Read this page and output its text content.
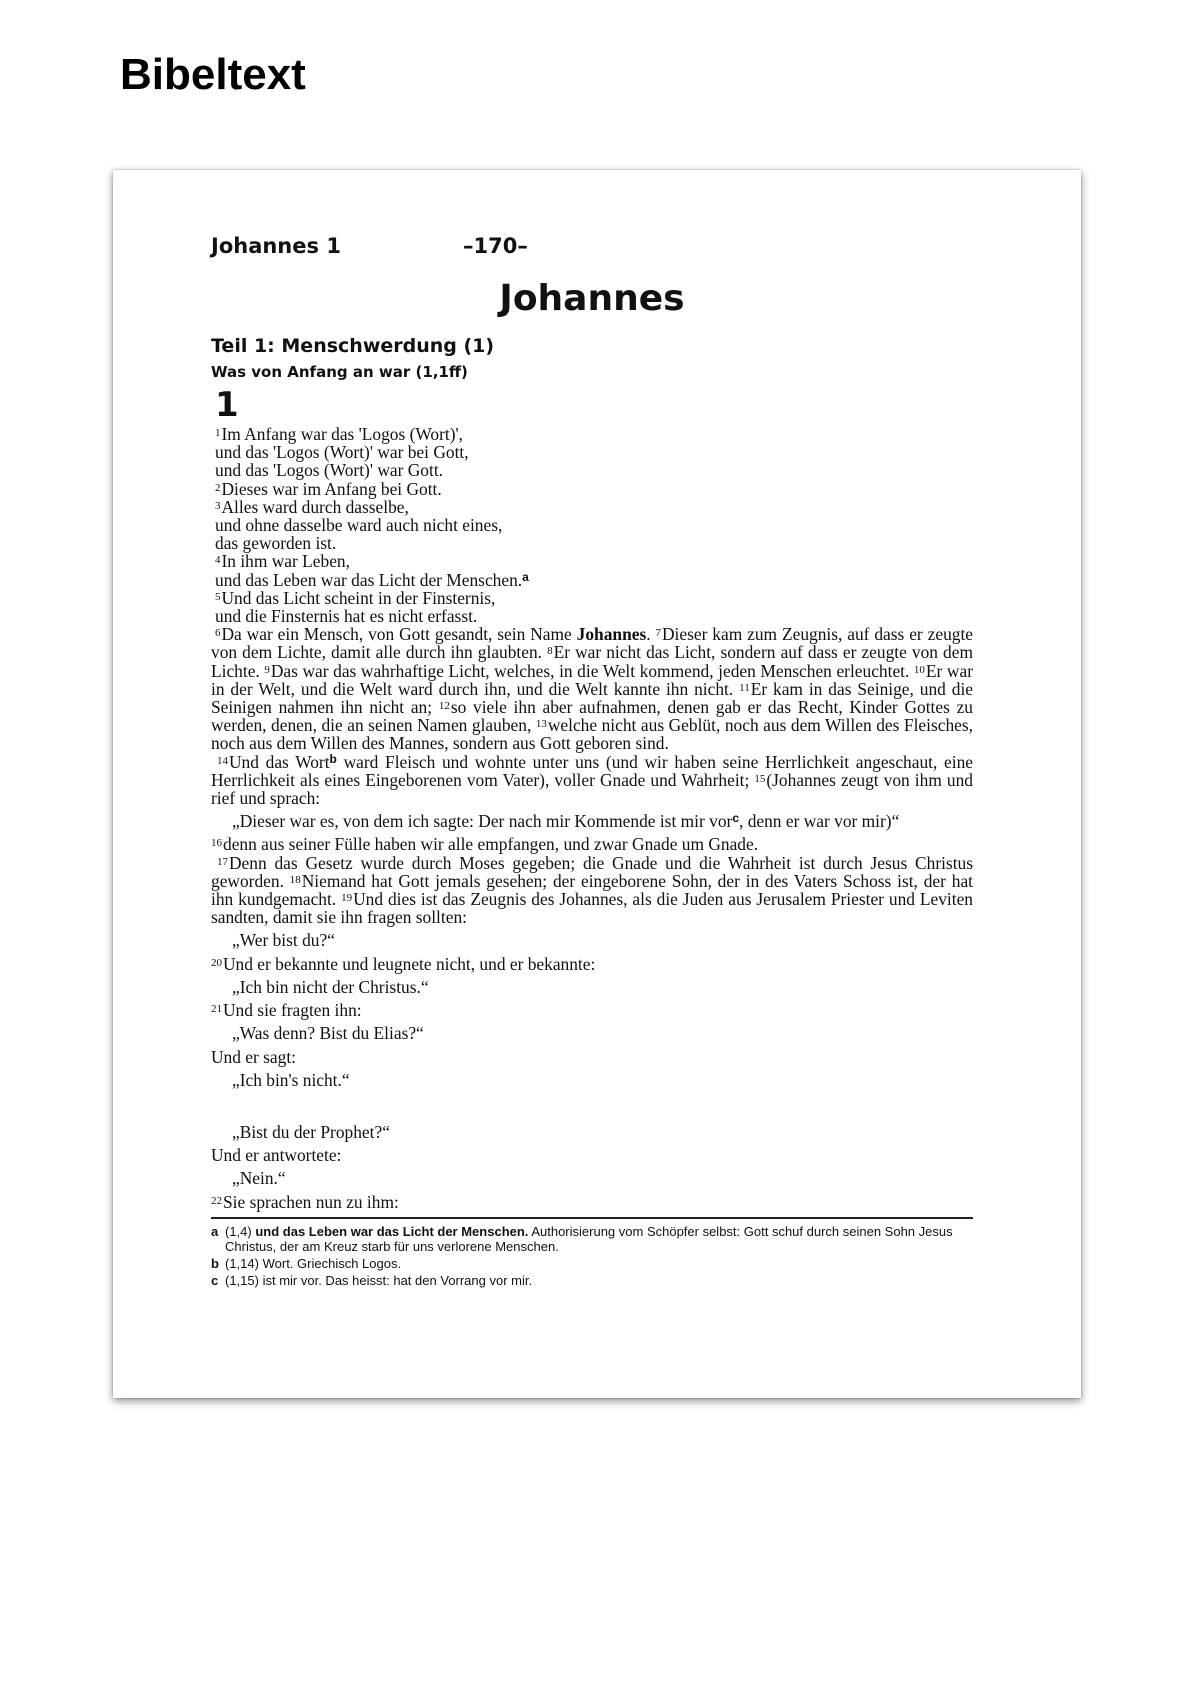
Bibeltext
Johannes 1	–170–
Johannes
Teil 1: Menschwerdung (1)
Was von Anfang an war (1,1ff)
1
$^1$Im Anfang war das 'Logos (Wort)',
und das 'Logos (Wort)' war bei Gott,
und das 'Logos (Wort)' war Gott.
$^2$Dieses war im Anfang bei Gott.
$^3$Alles ward durch dasselbe,
und ohne dasselbe ward auch nicht eines,
das geworden ist.
$^4$In ihm war Leben,
und das Leben war das Licht der Menschen.$^a$
$^5$Und das Licht scheint in der Finsternis,
und die Finsternis hat es nicht erfasst.
$^6$Da war ein Mensch, von Gott gesandt, sein Name Johannes. $^7$Dieser kam zum Zeugnis, auf dass er zeugte von dem Lichte, damit alle durch ihn glaubten. $^8$Er war nicht das Licht, sondern auf dass er zeugte von dem Lichte. $^9$Das war das wahrhaftige Licht, welches, in die Welt kommend, jeden Menschen erleuchtet. $^{10}$Er war in der Welt, und die Welt ward durch ihn, und die Welt kannte ihn nicht. $^{11}$Er kam in das Seinige, und die Seinigen nahmen ihn nicht an; $^{12}$so viele ihn aber aufnahmen, denen gab er das Recht, Kinder Gottes zu werden, denen, die an seinen Namen glauben, $^{13}$welche nicht aus Geblüt, noch aus dem Willen des Fleisches, noch aus dem Willen des Mannes, sondern aus Gott geboren sind.
$^{14}$Und das Wort$^b$ ward Fleisch und wohnte unter uns (und wir haben seine Herrlichkeit angeschaut, eine Herrlichkeit als eines Eingeborenen vom Vater), voller Gnade und Wahrheit; $^{15}$(Johannes zeugt von ihm und rief und sprach:
„Dieser war es, von dem ich sagte: Der nach mir Kommende ist mir vor$^c$, denn er war vor mir)“
$^{16}$denn aus seiner Fülle haben wir alle empfangen, und zwar Gnade um Gnade.
$^{17}$Denn das Gesetz wurde durch Moses gegeben; die Gnade und die Wahrheit ist durch Jesus Christus geworden. $^{18}$Niemand hat Gott jemals gesehen; der eingeborene Sohn, der in des Vaters Schoss ist, der hat ihn kundgemacht. $^{19}$Und dies ist das Zeugnis des Johannes, als die Juden aus Jerusalem Priester und Leviten sandten, damit sie ihn fragen sollten:
„Wer bist du?“
$^{20}$Und er bekannte und leugnete nicht, und er bekannte:
„Ich bin nicht der Christus.“
$^{21}$Und sie fragten ihn:
„Was denn? Bist du Elias?“
Und er sagt:
„Ich bin's nicht.“
„Bist du der Prophet?“
Und er antwortete:
„Nein.“
$^{22}$Sie sprachen nun zu ihm:
a (1,4) und das Leben war das Licht der Menschen. Authorisierung vom Schöpfer selbst: Gott schuf durch seinen Sohn Jesus Christus, der am Kreuz starb für uns verlorene Menschen.
b (1,14) Wort. Griechisch Logos.
c (1,15) ist mir vor. Das heisst: hat den Vorrang vor mir.
